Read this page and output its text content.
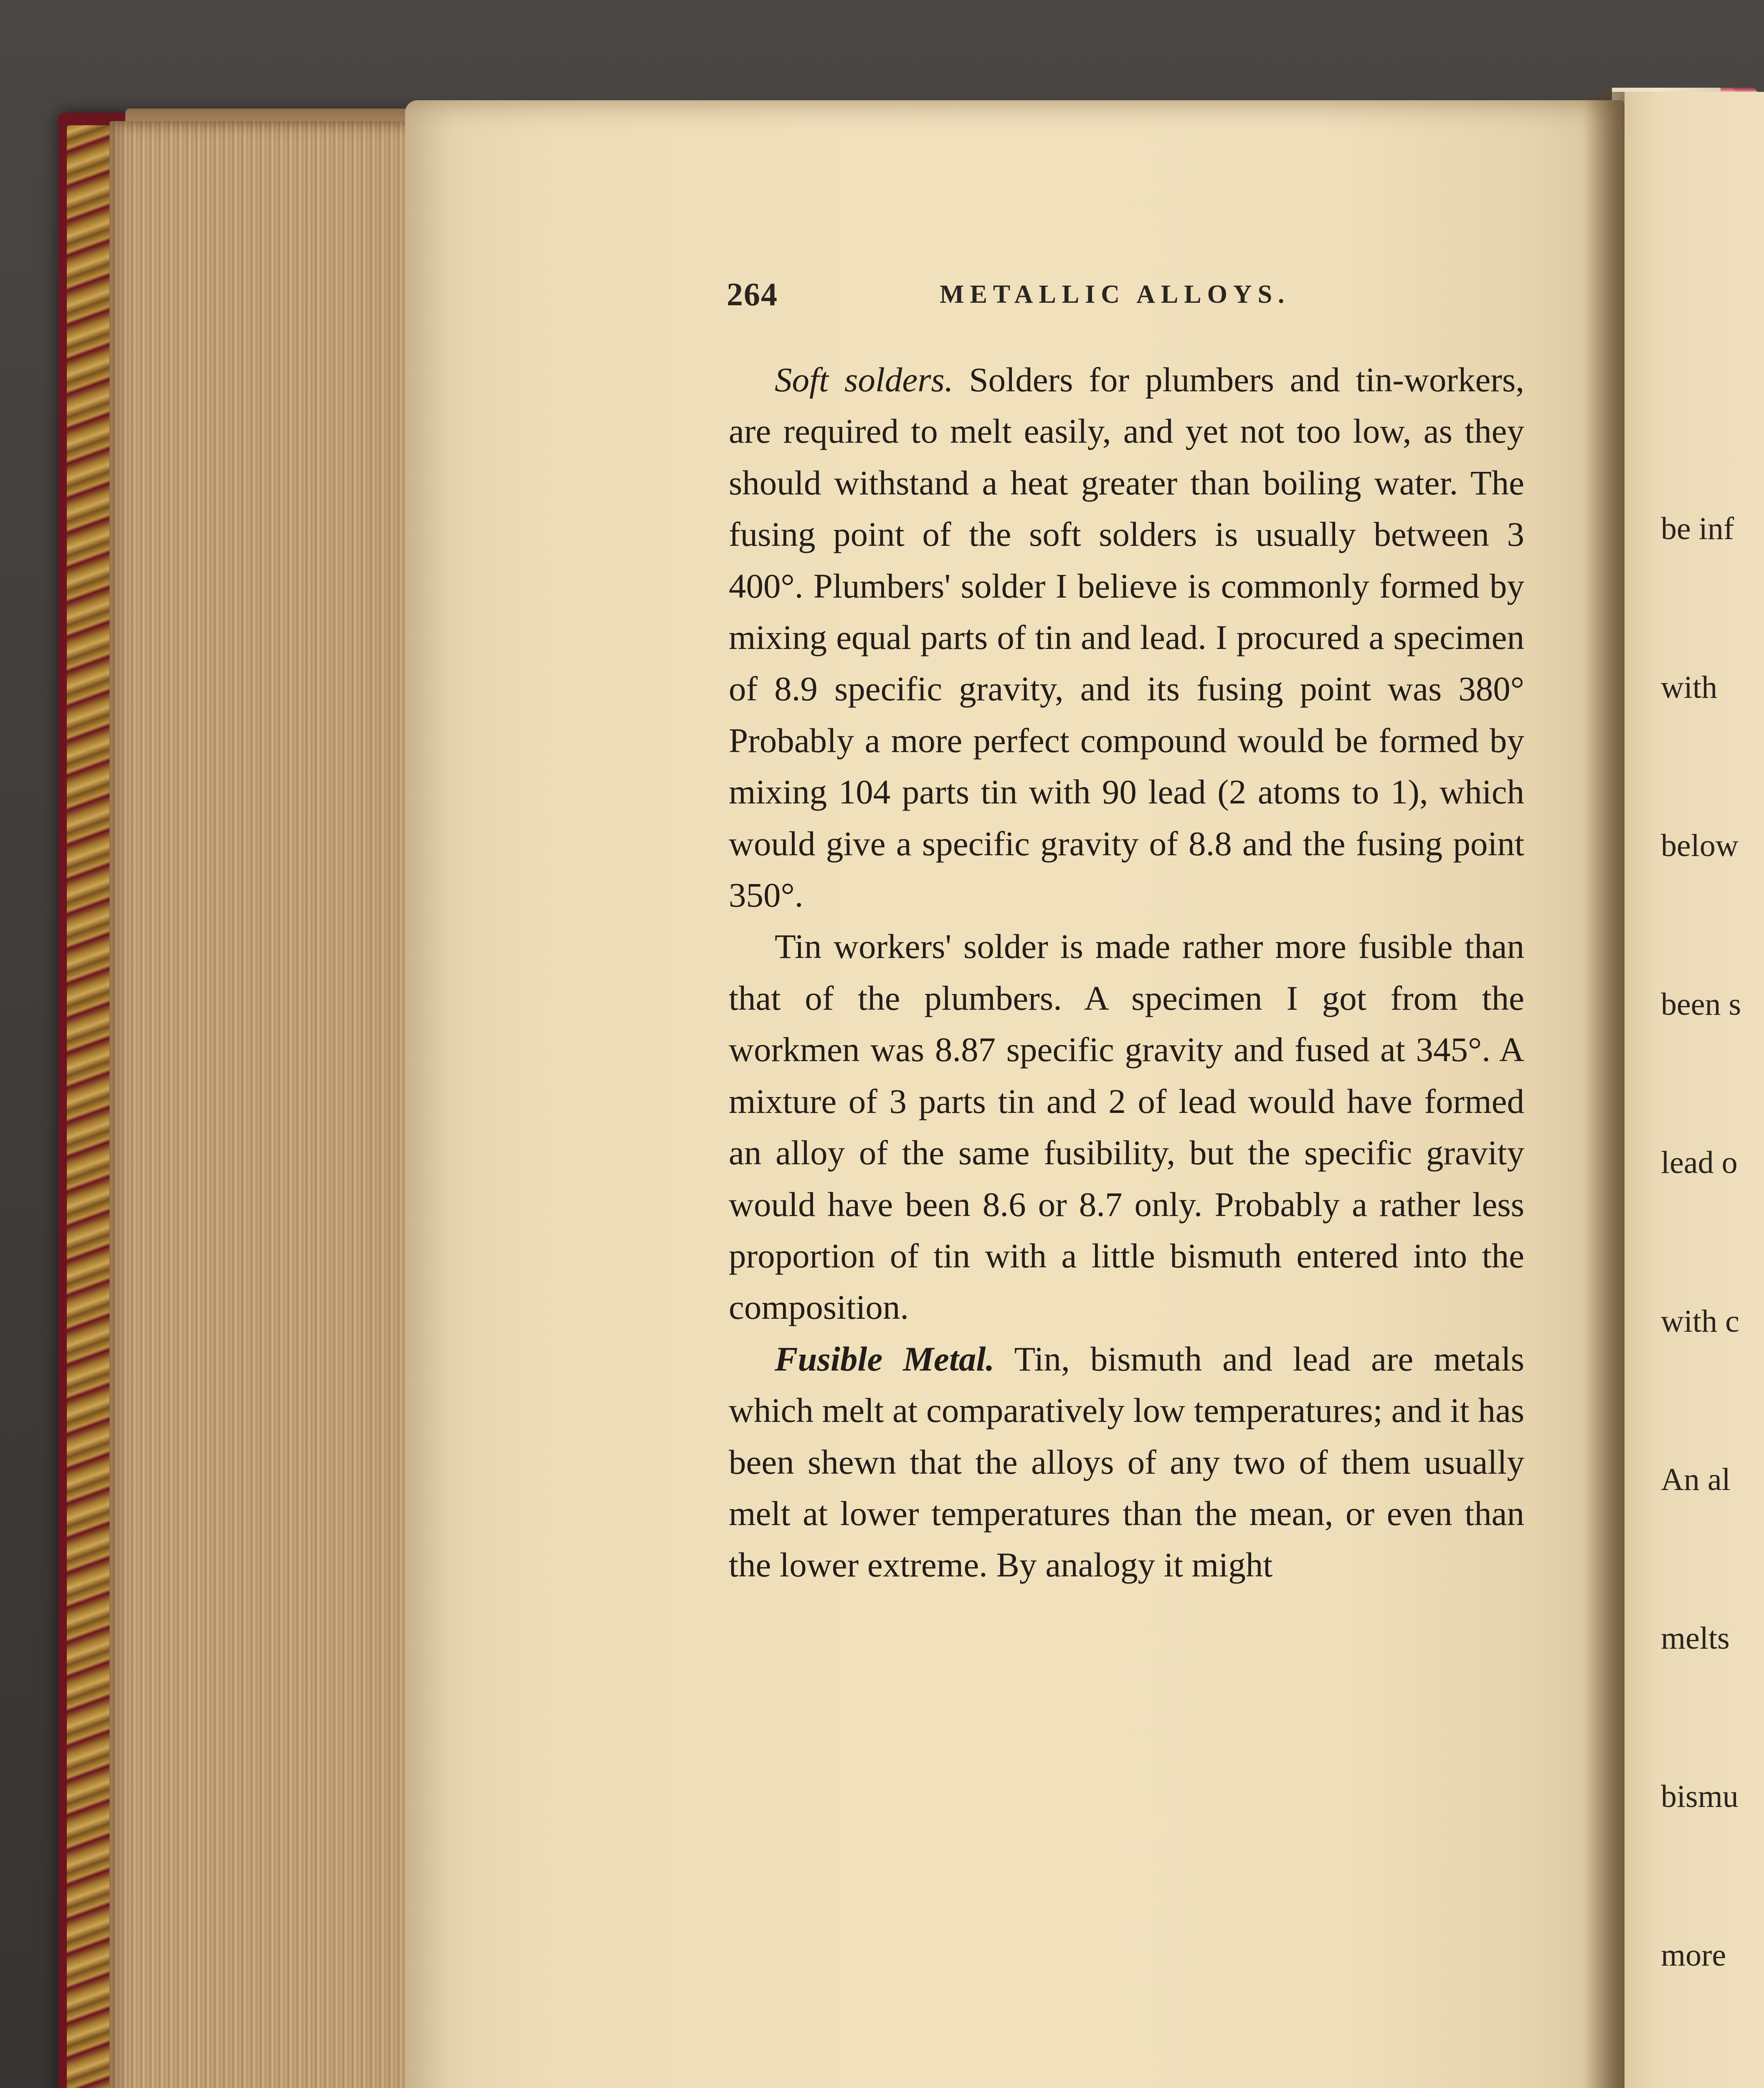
264	METALLIC ALLOYS.

Soft solders. Solders for plumbers and tin-workers, are required to melt easily, and yet not too low, as they should withstand a heat greater than boiling water. The fusing point of the soft solders is usually between 3 400°. Plumbers' solder I believe is commonly formed by mixing equal parts of tin and lead. I procured a specimen of 8.9 specific gravity, and its fusing point was 380° Probably a more perfect compound would be formed by mixing 104 parts tin with 90 lead (2 atoms to 1), which would give a specific gravity of 8.8 and the fusing point 350°.

Tin workers' solder is made rather more fusible than that of the plumbers. A specimen I got from the workmen was 8.87 specific gravity and fused at 345°. A mixture of 3 parts tin and 2 of lead would have formed an alloy of the same fusibility, but the specific gravity would have been 8.6 or 8.7 only. Probably a rather less proportion of tin with a little bismuth entered into the composition.

Fusible Metal. Tin, bismuth and lead are metals which melt at comparatively low temperatures; and it has been shewn that the alloys of any two of them usually melt at lower temperatures than the mean, or even than the lower extreme. By analogy it might

be inf

with

below

been s

lead o

with c

An al

melts

bismu

more
